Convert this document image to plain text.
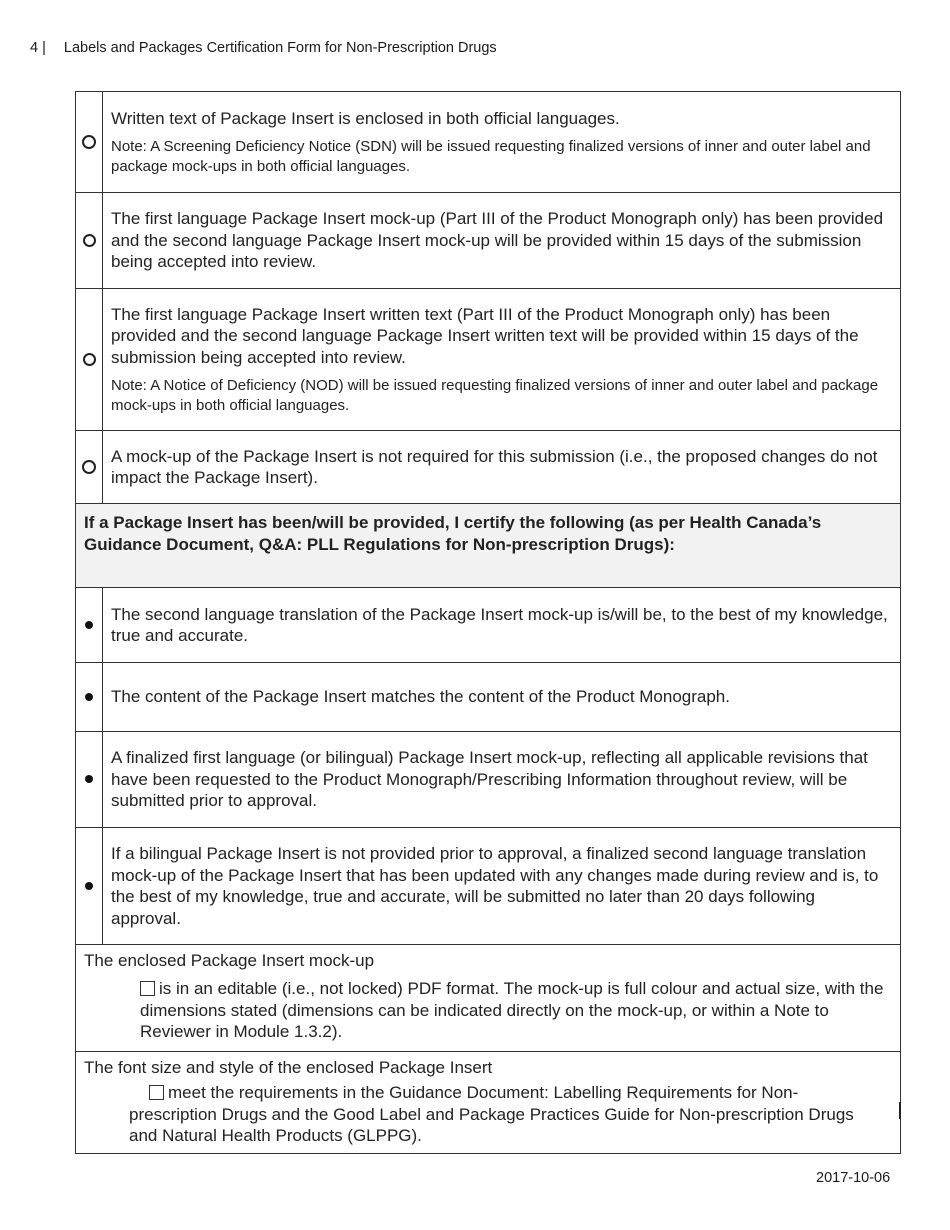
4 | Labels and Packages Certification Form for Non-Prescription Drugs

	Written text of Package Insert is enclosed in both official languages.
Note: A Screening Deficiency Notice (SDN) will be issued requesting finalized versions of inner and outer label and package mock-ups in both official languages.

	The first language Package Insert mock-up (Part III of the Product Monograph only) has been provided and the second language Package Insert mock-up will be provided within 15 days of the submission being accepted into review.

	The first language Package Insert written text (Part III of the Product Monograph only) has been provided and the second language Package Insert written text will be provided within 15 days of the submission being accepted into review.
Note: A Notice of Deficiency (NOD) will be issued requesting finalized versions of inner and outer label and package mock-ups in both official languages.

	A mock-up of the Package Insert is not required for this submission (i.e., the proposed changes do not impact the Package Insert).

If a Package Insert has been/will be provided, I certify the following (as per Health Canada’s Guidance Document, Q&A: PLL Regulations for Non-prescription Drugs):	

	The second language translation of the Package Insert mock-up is/will be, to the best of my knowledge, true and accurate.

	The content of the Package Insert matches the content of the Product Monograph.

	A finalized first language (or bilingual) Package Insert mock-up, reflecting all applicable revisions that have been requested to the Product Monograph/Prescribing Information throughout review, will be submitted prior to approval.

	If a bilingual Package Insert is not provided prior to approval, a finalized second language translation mock-up of the Package Insert that has been updated with any changes made during review and is, to the best of my knowledge, true and accurate, will be submitted no later than 20 days following approval.

The enclosed Package Insert mock-up
is in an editable (i.e., not locked) PDF format. The mock-up is full colour and actual size, with the dimensions stated (dimensions can be indicated directly on the mock-up, or within a Note to Reviewer in Module 1.3.2).	

The font size and style of the enclosed Package Insert
meet the requirements in the Guidance Document: Labelling Requirements for Non-prescription Drugs and the Good Label and Package Practices Guide for Non-prescription Drugs and Natural Health Products (GLPPG).	
2017-10-06
